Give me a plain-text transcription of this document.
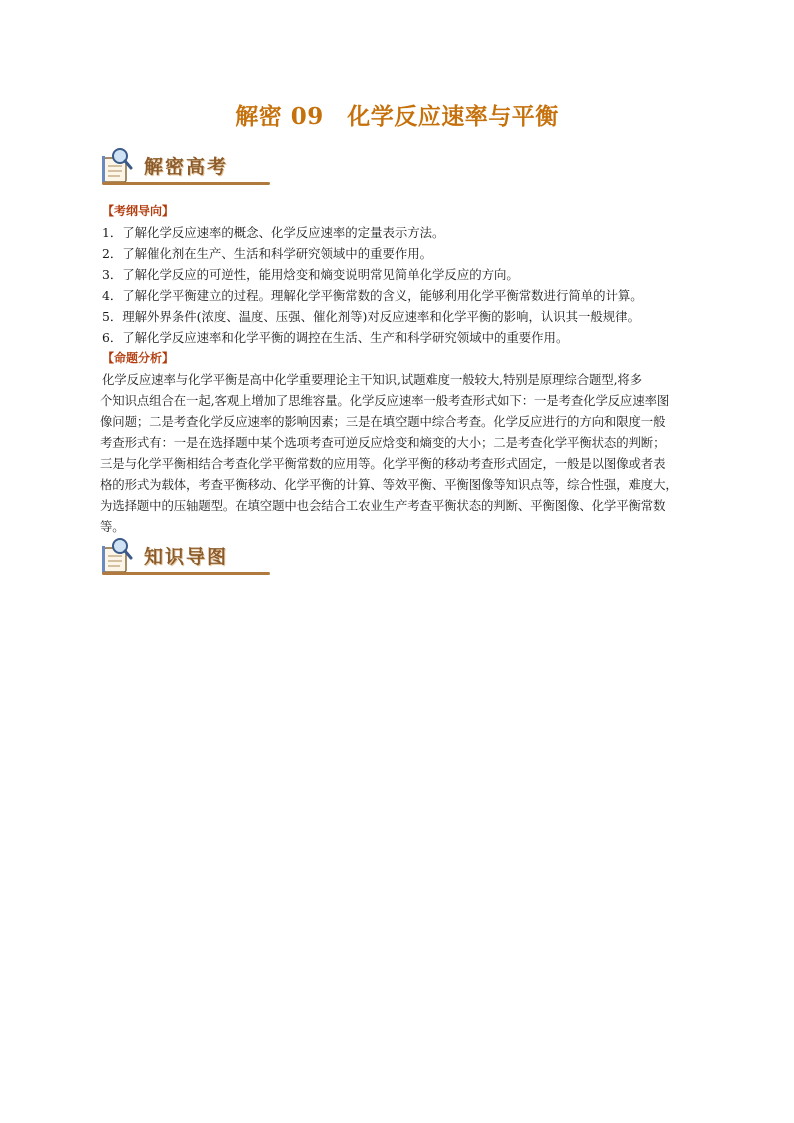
解密 09　化学反应速率与平衡
解密高考
【考纲导向】
1．了解化学反应速率的概念、化学反应速率的定量表示方法。
2．了解催化剂在生产、生活和科学研究领域中的重要作用。
3．了解化学反应的可逆性，能用焓变和熵变说明常见简单化学反应的方向。
4．了解化学平衡建立的过程。理解化学平衡常数的含义，能够利用化学平衡常数进行简单的计算。
5．理解外界条件(浓度、温度、压强、催化剂等)对反应速率和化学平衡的影响，认识其一般规律。
6．了解化学反应速率和化学平衡的调控在生活、生产和科学研究领域中的重要作用。
【命题分析】
化学反应速率与化学平衡是高中化学重要理论主干知识,试题难度一般较大,特别是原理综合题型,将多
个知识点组合在一起,客观上增加了思维容量。化学反应速率一般考查形式如下：一是考查化学反应速率图
像问题；二是考查化学反应速率的影响因素；三是在填空题中综合考查。化学反应进行的方向和限度一般
考查形式有：一是在选择题中某个选项考查可逆反应焓变和熵变的大小；二是考查化学平衡状态的判断；
三是与化学平衡相结合考查化学平衡常数的应用等。化学平衡的移动考查形式固定，一般是以图像或者表
格的形式为载体，考查平衡移动、化学平衡的计算、等效平衡、平衡图像等知识点等，综合性强，难度大，
为选择题中的压轴题型。在填空题中也会结合工农业生产考查平衡状态的判断、平衡图像、化学平衡常数
等。
知识导图
